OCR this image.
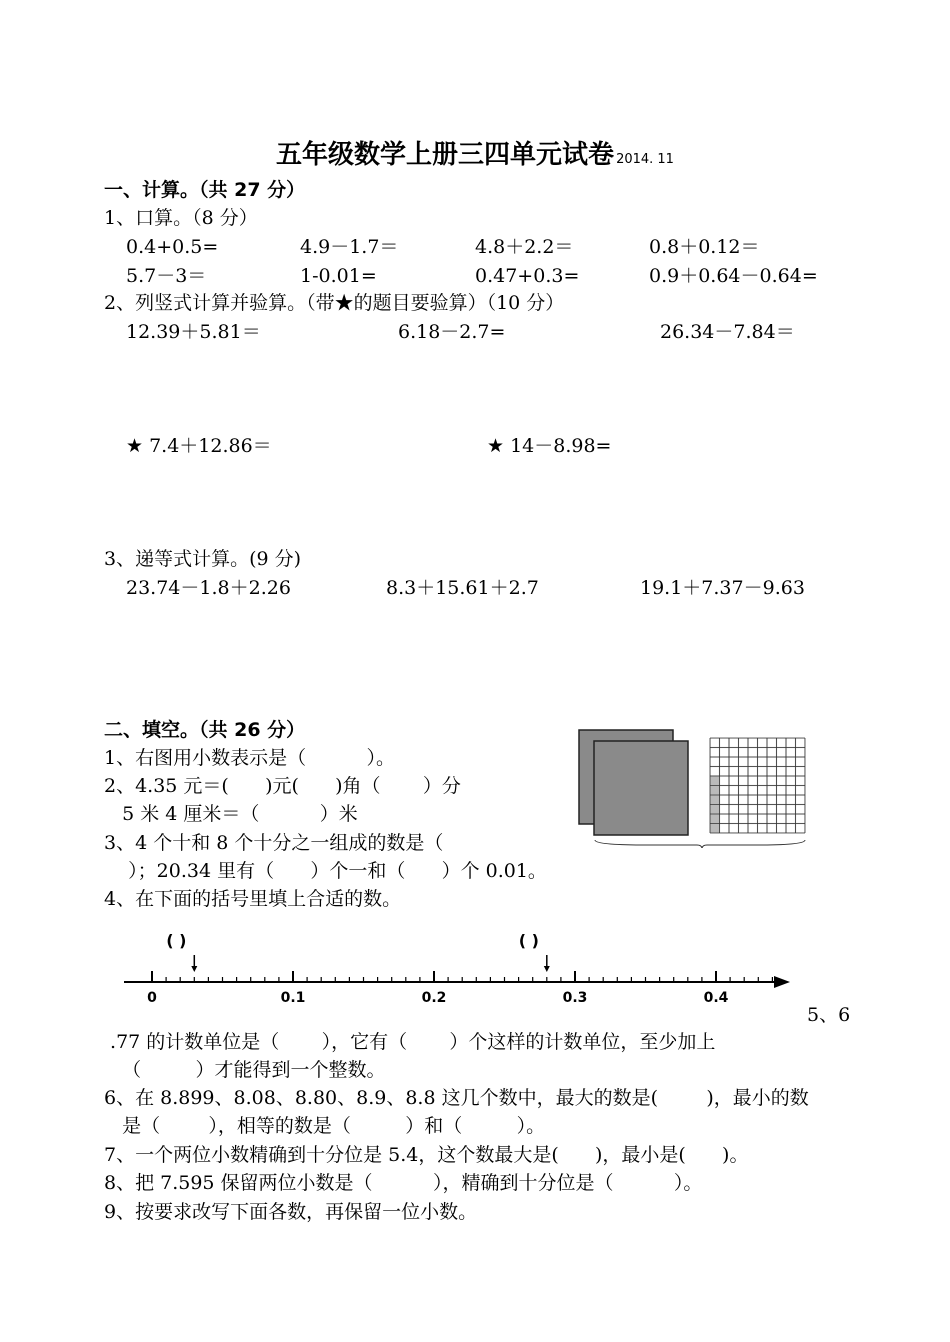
五年级数学上册三四单元试卷 2014. 11
一、计算。（共 27 分）
1、口算。（8 分）
0.4+0.5=	4.9－1.7＝	4.8＋2.2＝	0.8＋0.12＝
5.7－3＝	1-0.01=	0.47+0.3=	0.9＋0.64－0.64=
2、列竖式计算并验算。（带★的题目要验算）（10 分）
12.39＋5.81＝	6.18－2.7=	26.34－7.84＝
★ 7.4＋12.86＝	★ 14－8.98=
3、递等式计算。(9 分)
23.74－1.8＋2.26	8.3＋15.61＋2.7	19.1＋7.37－9.63
二、填空。（共 26 分）
1、右图用小数表示是（          ）。
2、4.35 元＝(      )元(      )角（       ）分
5 米 4 厘米＝（          ）米
3、4 个十和 8 个十分之一组成的数是（
）；20.34 里有（      ）个一和（      ）个 0.01。
4、在下面的括号里填上合适的数。
0	0.1	0.2	0.3	0.4
( )	( )
5、6
.77 的计数单位是（       ），它有（       ）个这样的计数单位，至少加上
（         ）才能得到一个整数。
6、在 8.899、8.08、8.80、8.9、8.8 这几个数中，最大的数是(        )，最小的数
是（        ），相等的数是（         ）和（         ）。
7、一个两位小数精确到十分位是 5.4，这个数最大是(      )，最小是(      )。
8、把 7.595 保留两位小数是（          ），精确到十分位是（          ）。
9、按要求改写下面各数，再保留一位小数。
